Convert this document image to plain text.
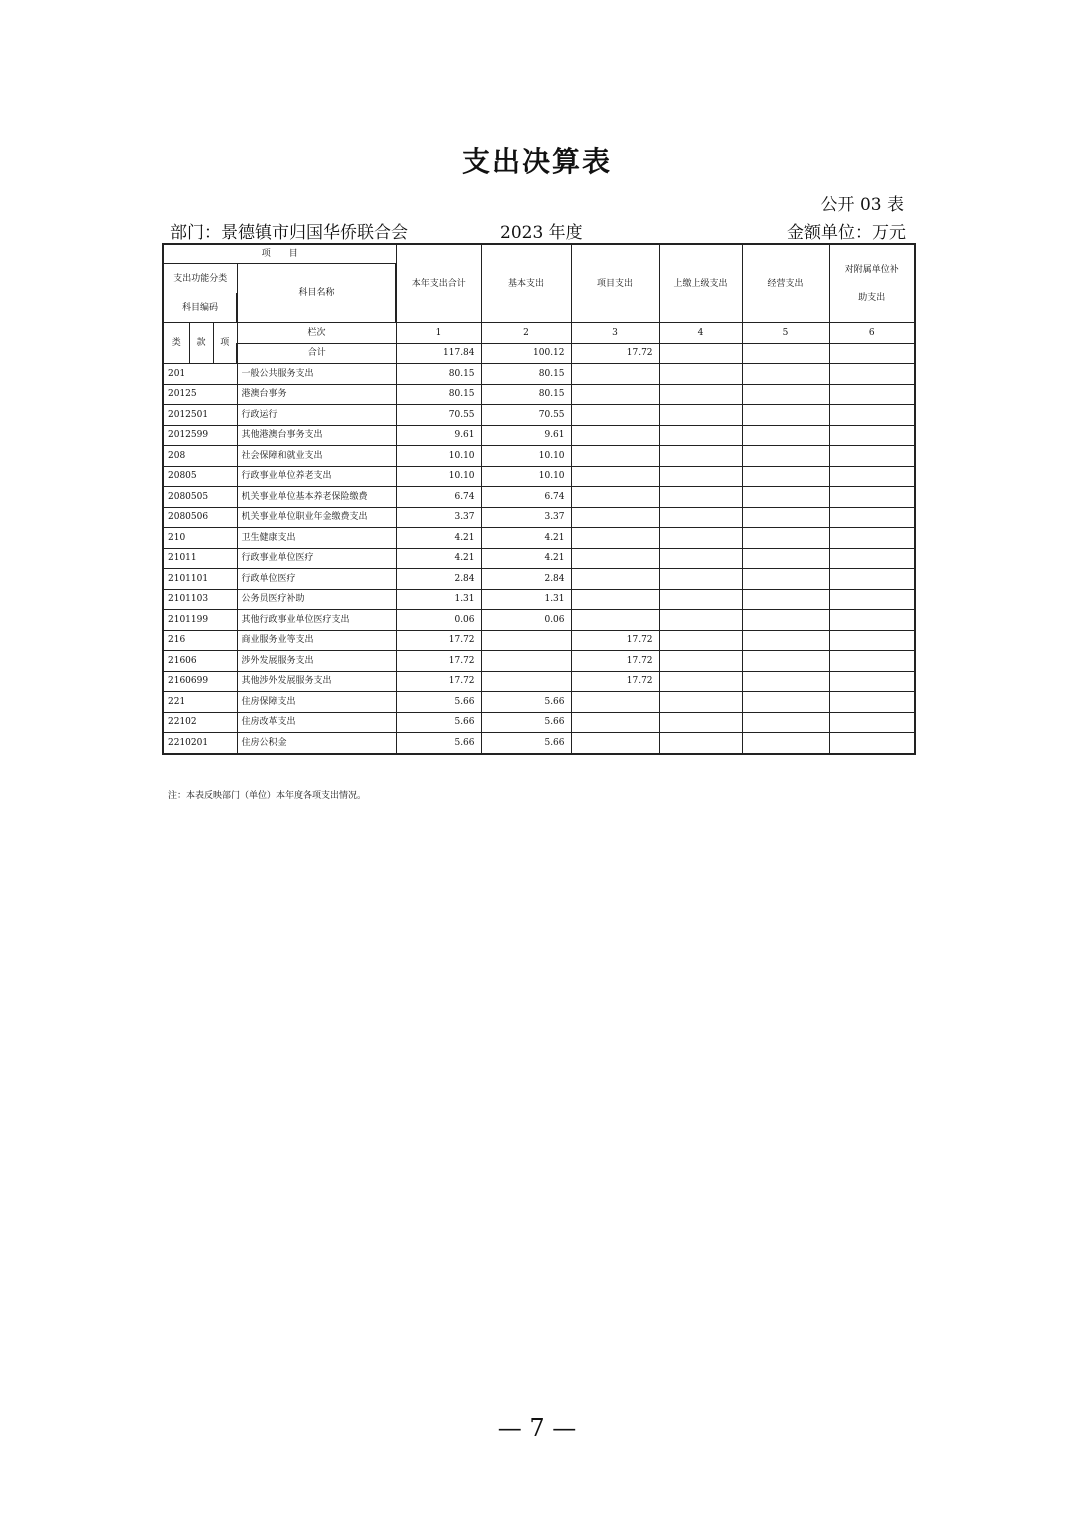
支出决算表
公开 03 表
部门：景德镇市归国华侨联合会	2023 年度	金额单位：万元
项　　目				本年支出合计	基本支出	项目支出	上缴上级支出	经营支出	对附属单位补助支出
支出功能分类			科目名称						
科目编码									
类	款	项	栏次	1	2	3	4	5	6
			合计	117.84	100.12	17.72			
201			一般公共服务支出	80.15	80.15				
20125			港澳台事务	80.15	80.15				
2012501			行政运行	70.55	70.55				
2012599			其他港澳台事务支出	9.61	9.61				
208			社会保障和就业支出	10.10	10.10				
20805			行政事业单位养老支出	10.10	10.10				
2080505			机关事业单位基本养老保险缴费	6.74	6.74				
2080506			机关事业单位职业年金缴费支出	3.37	3.37				
210			卫生健康支出	4.21	4.21				
21011			行政事业单位医疗	4.21	4.21				
2101101			行政单位医疗	2.84	2.84				
2101103			公务员医疗补助	1.31	1.31				
2101199			其他行政事业单位医疗支出	0.06	0.06				
216			商业服务业等支出	17.72		17.72			
21606			涉外发展服务支出	17.72		17.72			
2160699			其他涉外发展服务支出	17.72		17.72			
221			住房保障支出	5.66	5.66				
22102			住房改革支出	5.66	5.66				
2210201			住房公积金	5.66	5.66				
注：本表反映部门（单位）本年度各项支出情况。
— 7 —
